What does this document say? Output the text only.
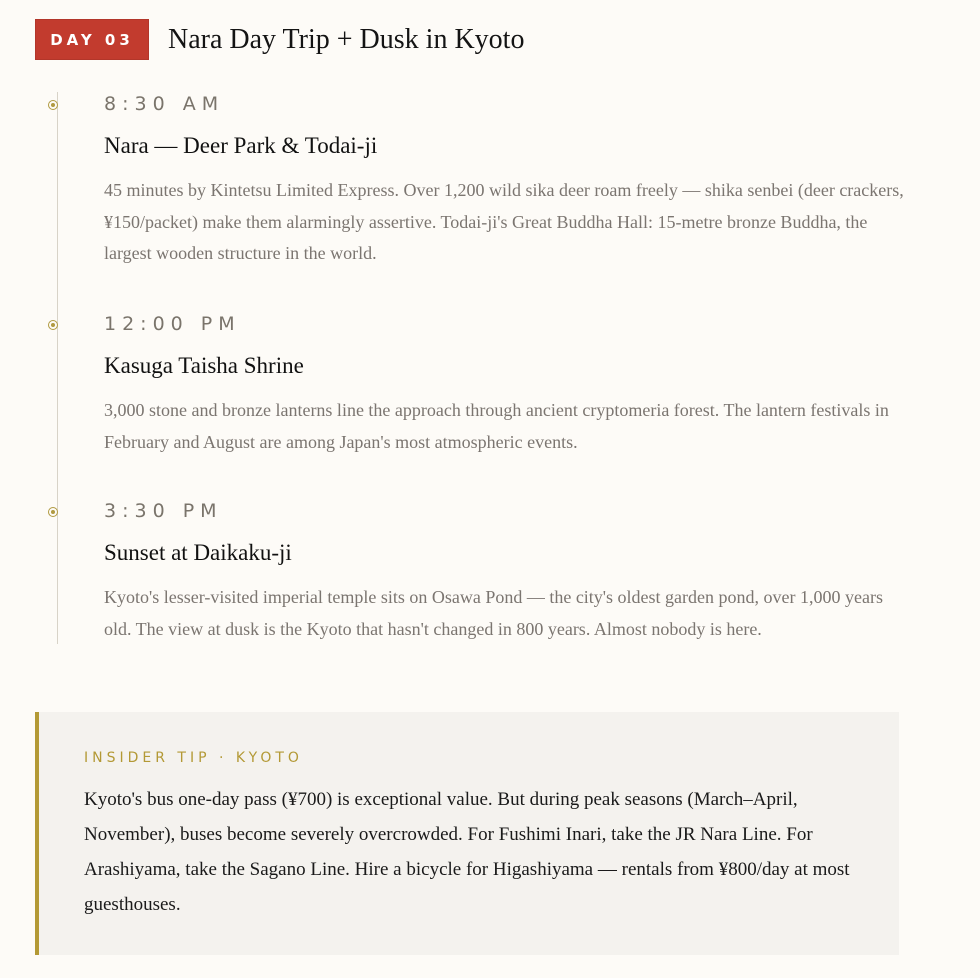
DAY 03	Nara Day Trip + Dusk in Kyoto
8:30 AM
Nara — Deer Park & Todai-ji
45 minutes by Kintetsu Limited Express. Over 1,200 wild sika deer roam freely — shika senbei (deer crackers, ¥150/packet) make them alarmingly assertive. Todai-ji's Great Buddha Hall: 15-metre bronze Buddha, the largest wooden structure in the world.
12:00 PM
Kasuga Taisha Shrine
3,000 stone and bronze lanterns line the approach through ancient cryptomeria forest. The lantern festivals in February and August are among Japan's most atmospheric events.
3:30 PM
Sunset at Daikaku-ji
Kyoto's lesser-visited imperial temple sits on Osawa Pond — the city's oldest garden pond, over 1,000 years old. The view at dusk is the Kyoto that hasn't changed in 800 years. Almost nobody is here.
INSIDER TIP · KYOTO
Kyoto's bus one-day pass (¥700) is exceptional value. But during peak seasons (March–April, November), buses become severely overcrowded. For Fushimi Inari, take the JR Nara Line. For Arashiyama, take the Sagano Line. Hire a bicycle for Higashiyama — rentals from ¥800/day at most guesthouses.
